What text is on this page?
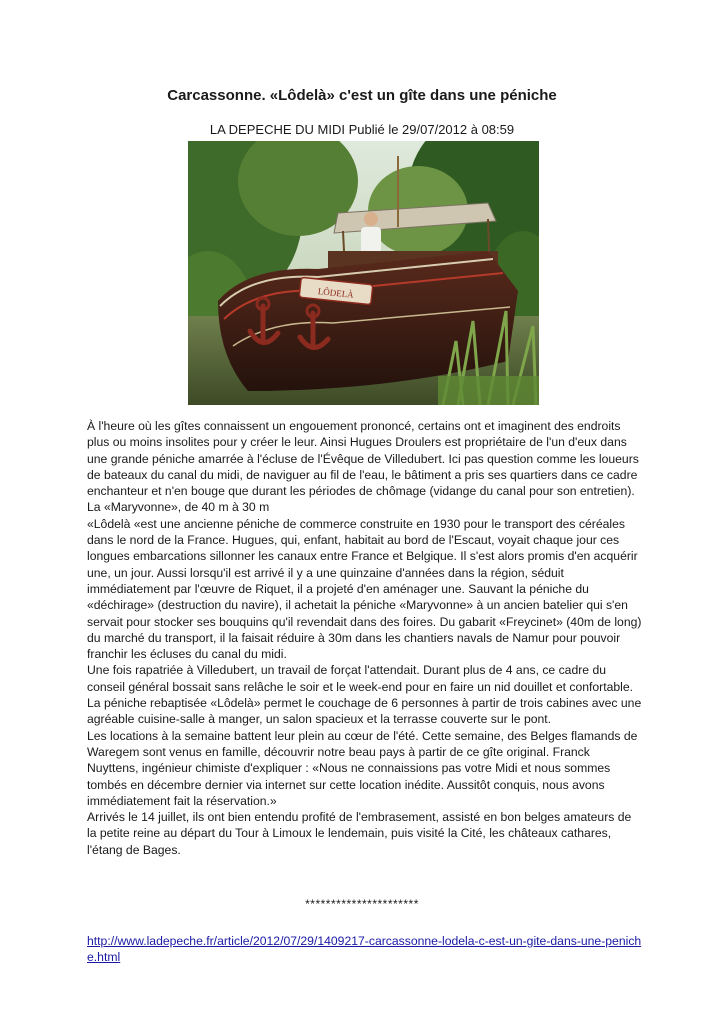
Carcassonne. «Lôdelà» c'est un gîte dans une péniche

LA DEPECHE DU MIDI Publié le 29/07/2012 à 08:59

LÔDELÀ

À l'heure où les gîtes connaissent un engouement prononcé, certains ont et imaginent des endroits plus ou moins insolites pour y créer le leur. Ainsi Hugues Droulers est propriétaire de l'un d'eux dans une grande péniche amarrée à l'écluse de l'Évêque de Villedubert. Ici pas question comme les loueurs de bateaux du canal du midi, de naviguer au fil de l'eau, le bâtiment a pris ses quartiers dans ce cadre enchanteur et n'en bouge que durant les périodes de chômage (vidange du canal pour son entretien).

La «Maryvonne», de 40 m à 30 m

«Lôdelà «est une ancienne péniche de commerce construite en 1930 pour le transport des céréales dans le nord de la France. Hugues, qui, enfant, habitait au bord de l'Escaut, voyait chaque jour ces longues embarcations sillonner les canaux entre France et Belgique. Il s'est alors promis d'en acquérir une, un jour. Aussi lorsqu'il est arrivé il y a une quinzaine d'années dans la région, séduit immédiatement par l'œuvre de Riquet, il a projeté d'en aménager une. Sauvant la péniche du «déchirage» (destruction du navire), il achetait la péniche «Maryvonne» à un ancien batelier qui s'en servait pour stocker ses bouquins qu'il revendait dans des foires. Du gabarit «Freycinet» (40m de long) du marché du transport, il la faisait réduire à 30m dans les chantiers navals de Namur pour pouvoir franchir les écluses du canal du midi.

Une fois rapatriée à Villedubert, un travail de forçat l'attendait. Durant plus de 4 ans, ce cadre du conseil général bossait sans relâche le soir et le week-end pour en faire un nid douillet et confortable. La péniche rebaptisée «Lôdelà» permet le couchage de 6 personnes à partir de trois cabines avec une agréable cuisine-salle à manger, un salon spacieux et la terrasse couverte sur le pont.

Les locations à la semaine battent leur plein au cœur de l'été. Cette semaine, des Belges flamands de Waregem sont venus en famille, découvrir notre beau pays à partir de ce gîte original. Franck Nuyttens, ingénieur chimiste d'expliquer : «Nous ne connaissions pas votre Midi et nous sommes tombés en décembre dernier via internet sur cette location inédite. Aussitôt conquis, nous avons immédiatement fait la réservation.»

Arrivés le 14 juillet, ils ont bien entendu profité de l'embrasement, assisté en bon belges amateurs de la petite reine au départ du Tour à Limoux le lendemain, puis visité la Cité, les châteaux cathares, l'étang de Bages.

**********************

http://www.ladepeche.fr/article/2012/07/29/1409217-carcassonne-lodela-c-est-un-gite-dans-une-peniche.html
